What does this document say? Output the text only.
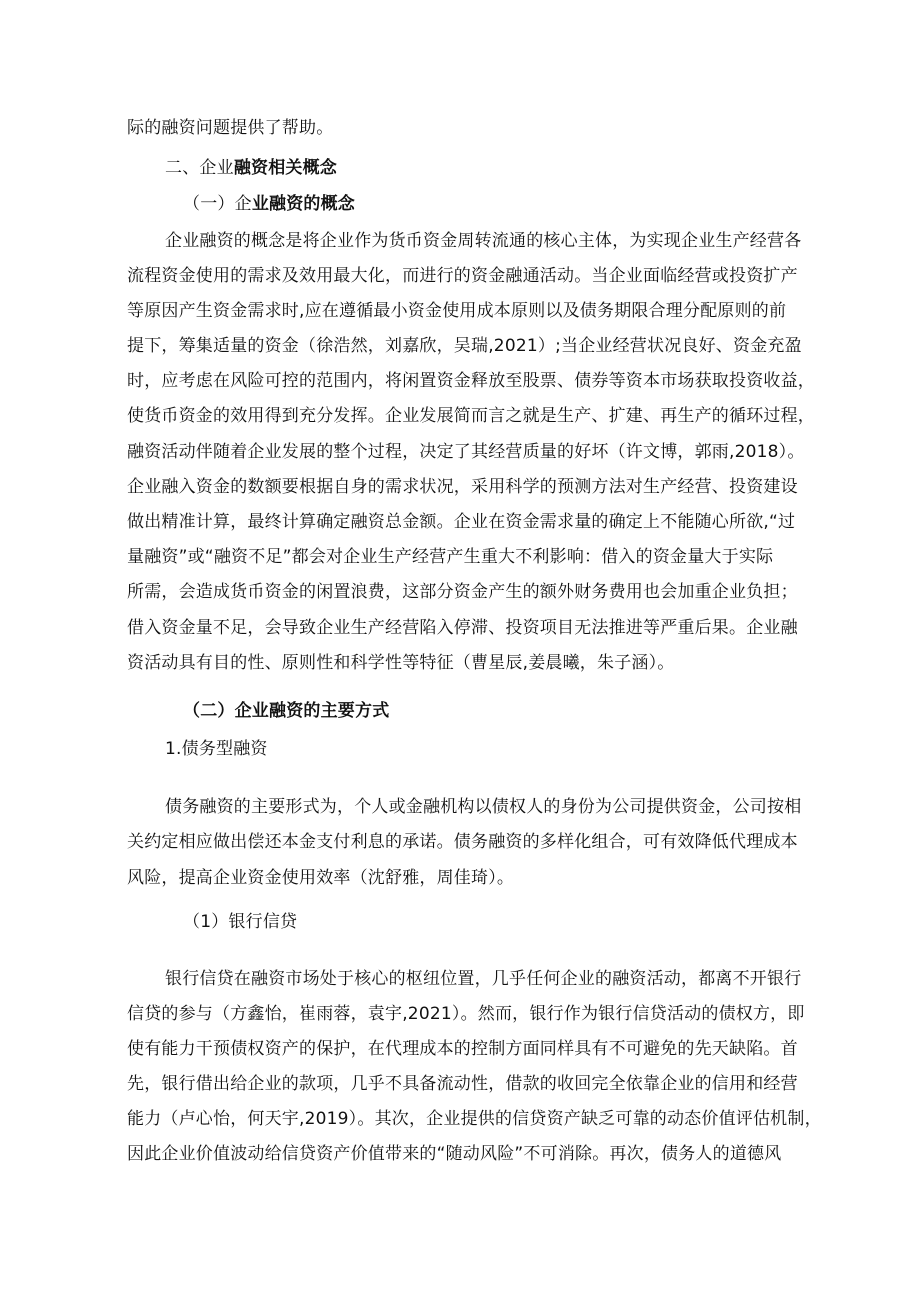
际的融资问题提供了帮助。
二、企业融资相关概念
（一）企业融资的概念
企业融资的概念是将企业作为货币资金周转流通的核心主体，为实现企业生产经营各
流程资金使用的需求及效用最大化，而进行的资金融通活动。当企业面临经营或投资扩产
等原因产生资金需求时,应在遵循最小资金使用成本原则以及债务期限合理分配原则的前
提下，筹集适量的资金（徐浩然，刘嘉欣，吴瑞,2021）;当企业经营状况良好、资金充盈
时，应考虑在风险可控的范围内，将闲置资金释放至股票、债券等资本市场获取投资收益，
使货币资金的效用得到充分发挥。企业发展简而言之就是生产、扩建、再生产的循环过程，
融资活动伴随着企业发展的整个过程，决定了其经营质量的好坏（许文博，郭雨,2018）。
企业融入资金的数额要根据自身的需求状况，采用科学的预测方法对生产经营、投资建设
做出精准计算，最终计算确定融资总金额。企业在资金需求量的确定上不能随心所欲,“过
量融资”或“融资不足”都会对企业生产经营产生重大不利影响：借入的资金量大于实际
所需，会造成货币资金的闲置浪费，这部分资金产生的额外财务费用也会加重企业负担；
借入资金量不足，会导致企业生产经营陷入停滞、投资项目无法推进等严重后果。企业融
资活动具有目的性、原则性和科学性等特征（曹星辰,姜晨曦，朱子涵）。
（二）企业融资的主要方式
1.债务型融资
债务融资的主要形式为，个人或金融机构以债权人的身份为公司提供资金，公司按相
关约定相应做出偿还本金支付利息的承诺。债务融资的多样化组合，可有效降低代理成本
风险，提高企业资金使用效率（沈舒雅，周佳琦）。
（1）银行信贷
银行信贷在融资市场处于核心的枢纽位置，几乎任何企业的融资活动，都离不开银行
信贷的参与（方鑫怡，崔雨蓉，袁宇,2021）。然而，银行作为银行信贷活动的债权方，即
使有能力干预债权资产的保护，在代理成本的控制方面同样具有不可避免的先天缺陷。首
先，银行借出给企业的款项，几乎不具备流动性，借款的收回完全依靠企业的信用和经营
能力（卢心怡，何天宇,2019）。其次，企业提供的信贷资产缺乏可靠的动态价值评估机制，
因此企业价值波动给信贷资产价值带来的“随动风险”不可消除。再次，债务人的道德风
